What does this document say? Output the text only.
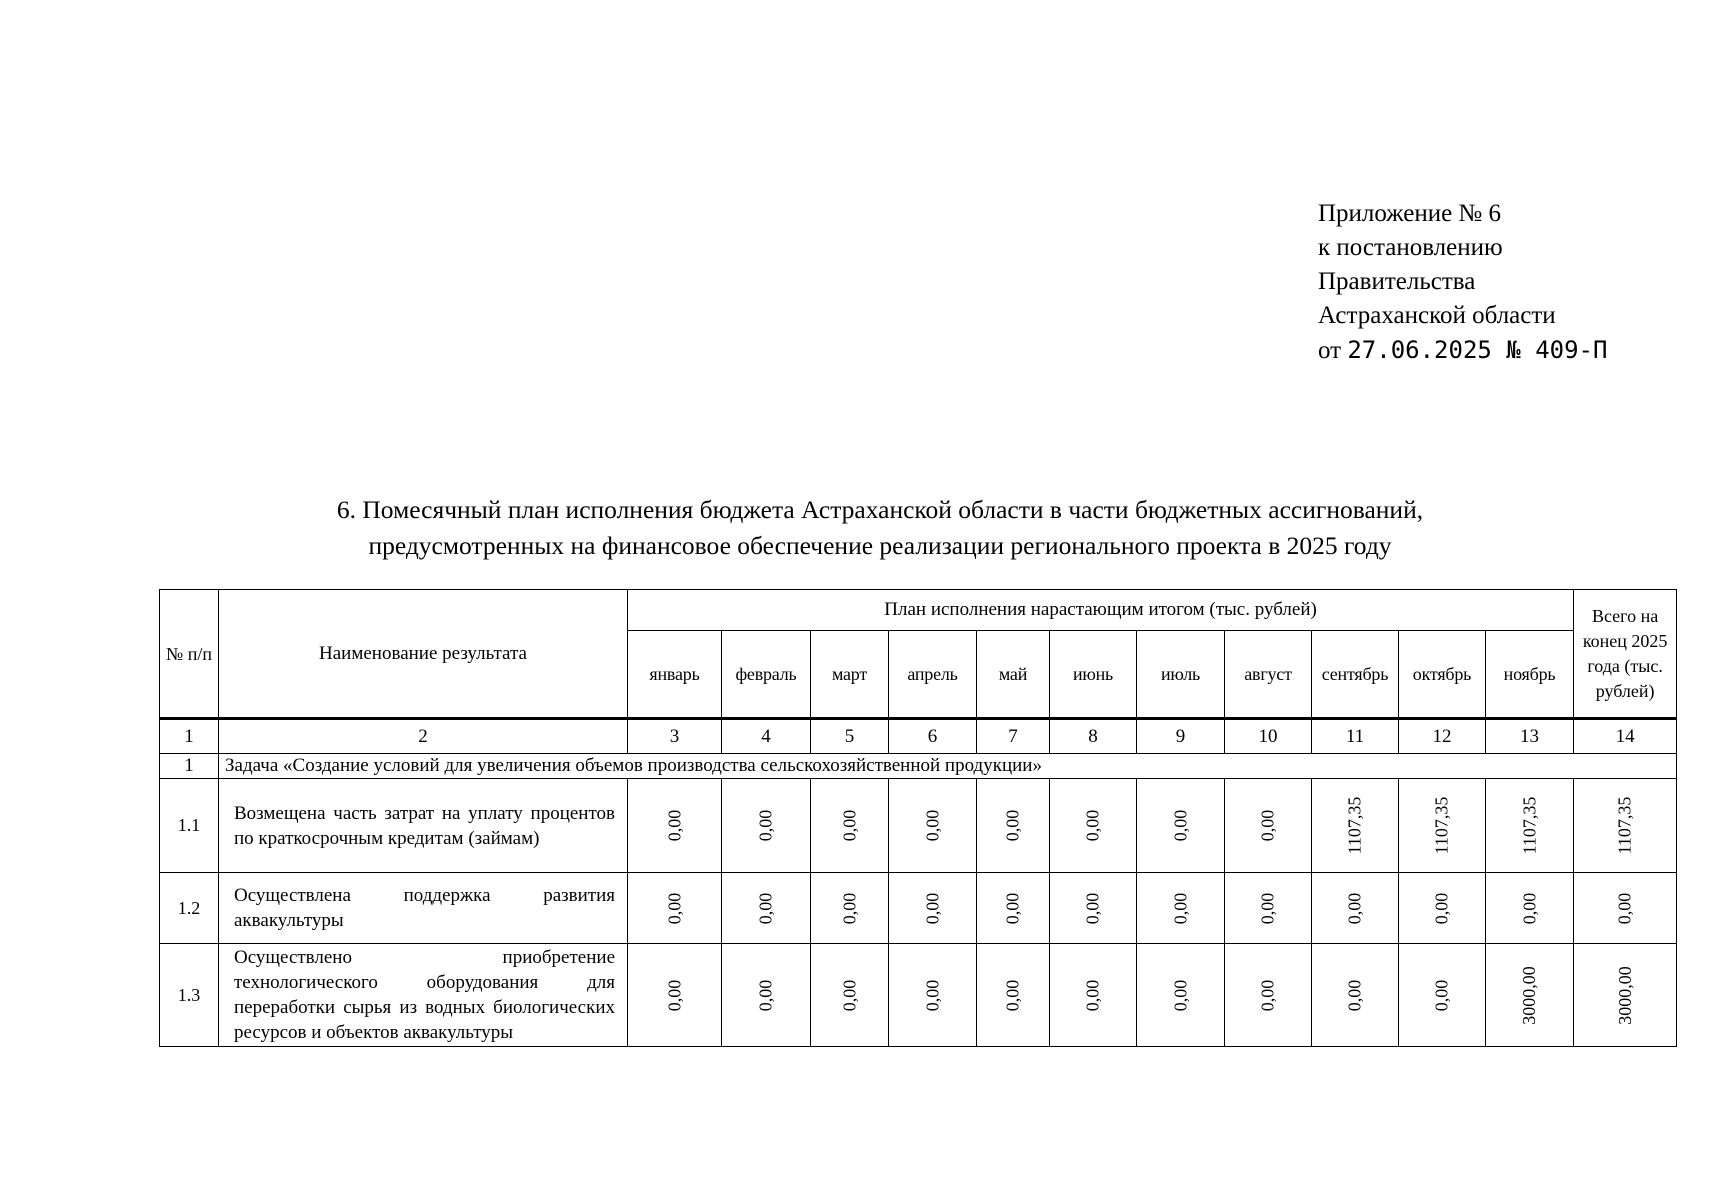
Приложение № 6
к постановлению
Правительства
Астраханской области
от 27.06.2025 № 409-П
6. Помесячный план исполнения бюджета Астраханской области в части бюджетных ассигнований,
предусмотренных на финансовое обеспечение реализации регионального проекта в 2025 году
№ п/п	Наименование результата	План исполнения нарастающим итогом (тыс. рублей)											Всего на конец 2025 года (тыс. рублей)
		январь	февраль	март	апрель	май	июнь	июль	август	сентябрь	октябрь	ноябрь	
1	2	3	4	5	6	7	8	9	10	11	12	13	14
1	Задача «Создание условий для увеличения объемов производства сельскохозяйственной продукции»												
1.1	Возмещена часть затрат на уплату процентов по краткосрочным кредитам (займам)	0,00	0,00	0,00	0,00	0,00	0,00	0,00	0,00	1107,35	1107,35	1107,35	1107,35
1.2	Осуществлена поддержка развития аквакультуры	0,00	0,00	0,00	0,00	0,00	0,00	0,00	0,00	0,00	0,00	0,00	0,00
1.3	Осуществлено приобретение технологического оборудования для переработки сырья из водных биологических ресурсов и объектов аквакультуры	0,00	0,00	0,00	0,00	0,00	0,00	0,00	0,00	0,00	0,00	3000,00	3000,00
